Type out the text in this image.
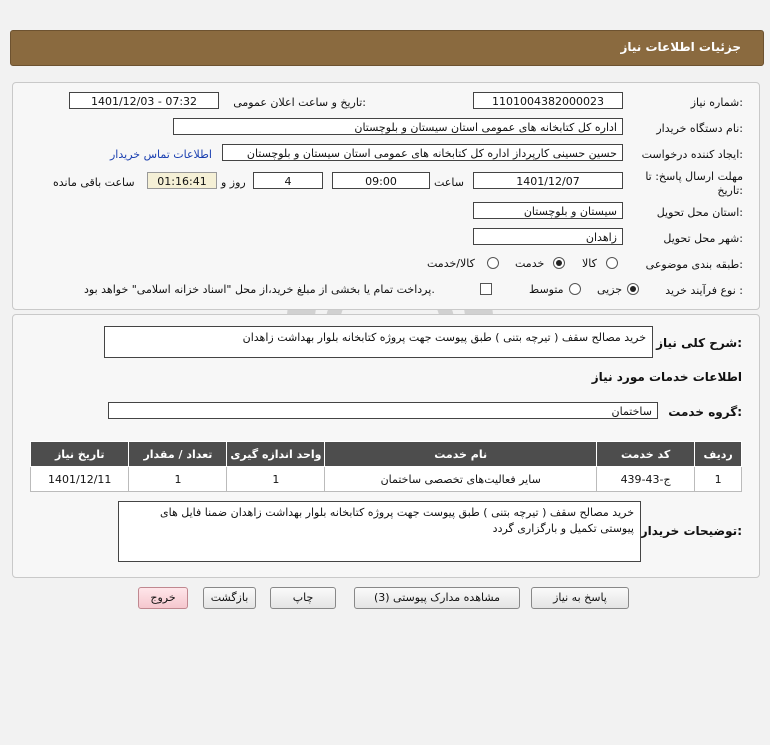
جزئیات اطلاعات نیاز
شماره نیاز:
1101004382000023
تاریخ و ساعت اعلان عمومی:
1401/12/03 - 07:32
نام دستگاه خریدار:
اداره کل کتابخانه های عمومی استان سیستان و بلوچستان
ایجاد کننده درخواست:
حسین حسینی کارپرداز اداره کل کتابخانه های عمومی استان سیستان و بلوچستان
اطلاعات تماس خریدار
مهلت ارسال پاسخ: تا
تاریخ:
1401/12/07
ساعت
09:00
4
روز و
01:16:41
ساعت باقی مانده
استان محل تحویل:
سیستان و بلوچستان
شهر محل تحویل:
زاهدان
طبقه بندی موضوعی:
کالا
خدمت
کالا/خدمت
نوع فرآیند خرید :
جزیی
متوسط
پرداخت تمام یا بخشی از مبلغ خرید،از محل "اسناد خزانه اسلامی" خواهد بود.
شرح کلی نیاز:
خرید مصالح سقف ( تیرچه بتنی ) طبق پیوست جهت پروژه کتابخانه بلوار بهداشت زاهدان
اطلاعات خدمات مورد نیاز
گروه خدمت:
ساختمان
تاریخ نیاز	تعداد / مقدار	واحد اندازه گیری	نام خدمت	کد خدمت	ردیف
1401/12/11	1	1	سایر فعالیت‌های تخصصی ساختمان	ج-43-439	1
توضیحات خریدار:
خرید مصالح سقف ( تیرچه بتنی ) طبق پیوست جهت پروژه کتابخانه بلوار بهداشت زاهدان ضمنا فایل های پیوستی تکمیل و بارگزاری گردد
پاسخ به نیاز
مشاهده مدارک پیوستی (3)
چاپ
بازگشت
خروج
